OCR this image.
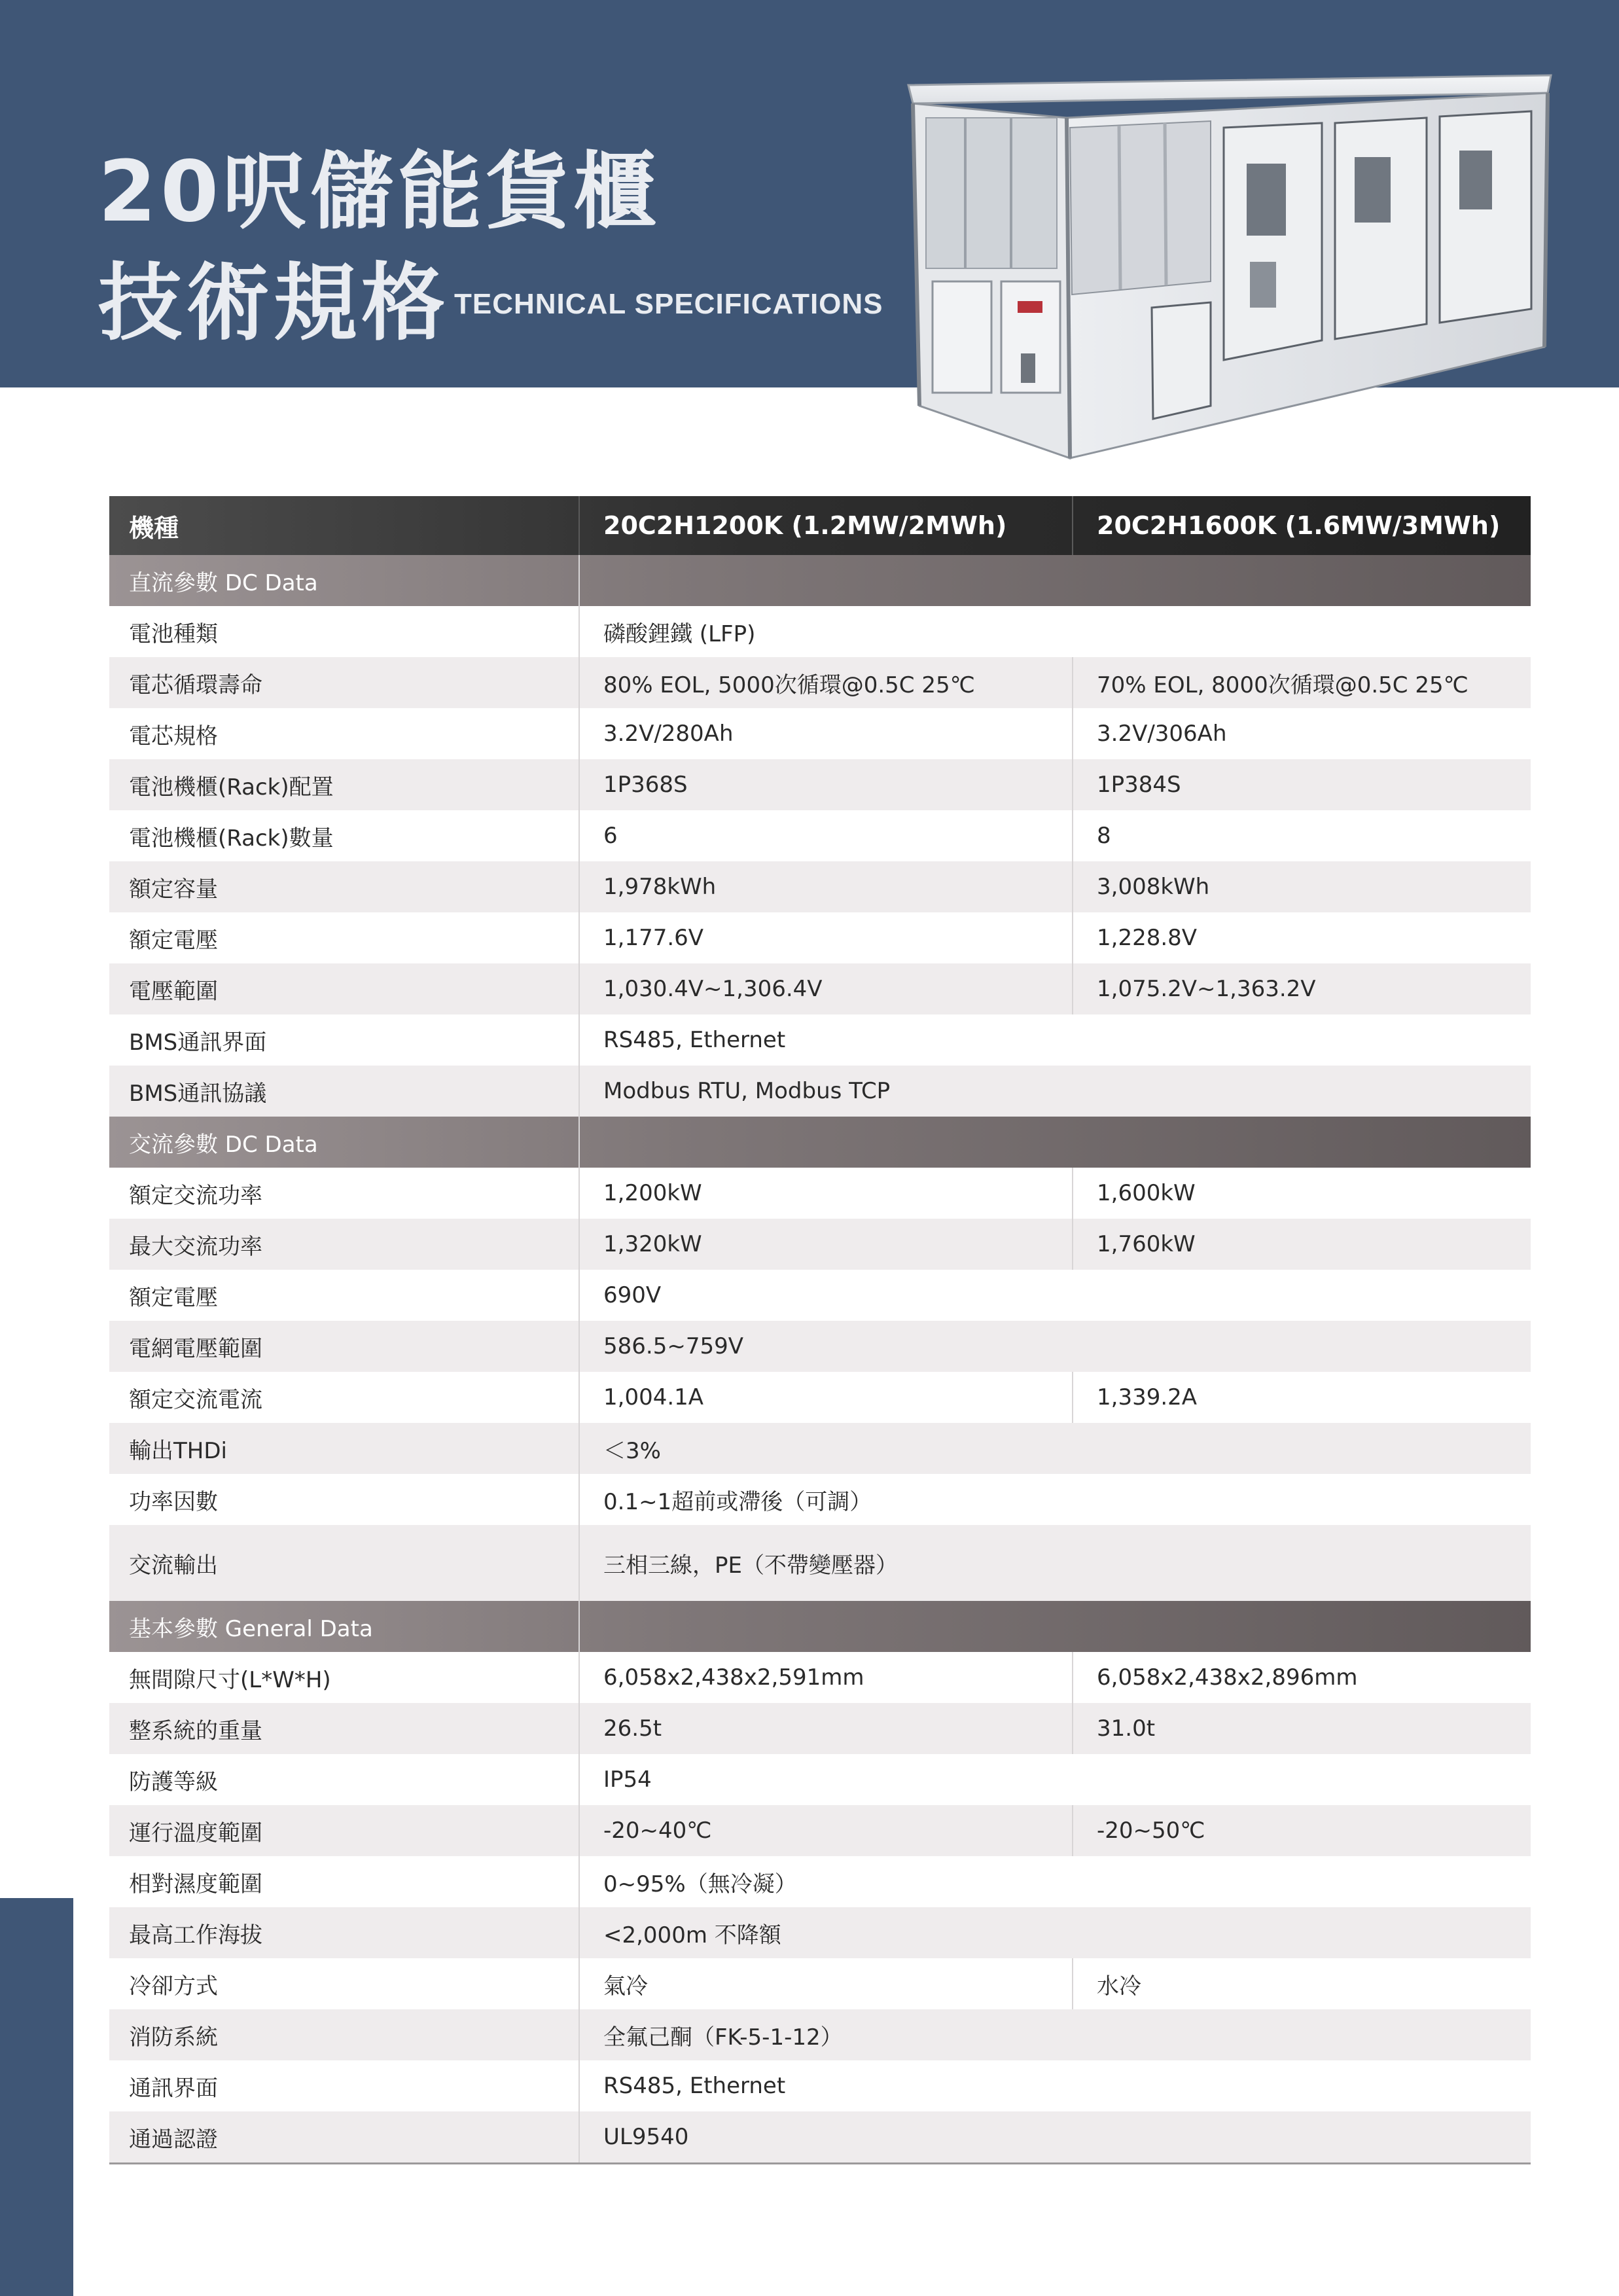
20呎儲能貨櫃
技術規格 TECHNICAL SPECIFICATIONS
機種	20C2H1200K (1.2MW/2MWh)	20C2H1600K (1.6MW/3MWh)
直流參數 DC Data
電池種類	磷酸鋰鐵 (LFP)
電芯循環壽命	80% EOL, 5000次循環@0.5C 25℃	70% EOL, 8000次循環@0.5C 25℃
電芯規格	3.2V/280Ah	3.2V/306Ah
電池機櫃(Rack)配置	1P368S	1P384S
電池機櫃(Rack)數量	6	8
額定容量	1,978kWh	3,008kWh
額定電壓	1,177.6V	1,228.8V
電壓範圍	1,030.4V~1,306.4V	1,075.2V~1,363.2V
BMS通訊界面	RS485, Ethernet
BMS通訊協議	Modbus RTU, Modbus TCP
交流參數 DC Data
額定交流功率	1,200kW	1,600kW
最大交流功率	1,320kW	1,760kW
額定電壓	690V
電網電壓範圍	586.5~759V
額定交流電流	1,004.1A	1,339.2A
輸出THDi	＜3%
功率因數	0.1~1超前或滯後（可調）
交流輸出	三相三線，PE（不帶變壓器）
基本參數 General Data
無間隙尺寸(L*W*H)	6,058x2,438x2,591mm	6,058x2,438x2,896mm
整系統的重量	26.5t	31.0t
防護等級	IP54
運行溫度範圍	-20~40℃	-20~50℃
相對濕度範圍	0~95%（無冷凝）
最高工作海拔	<2,000m 不降額
冷卻方式	氣冷	水冷
消防系統	全氟己酮（FK-5-1-12）
通訊界面	RS485, Ethernet
通過認證	UL9540
